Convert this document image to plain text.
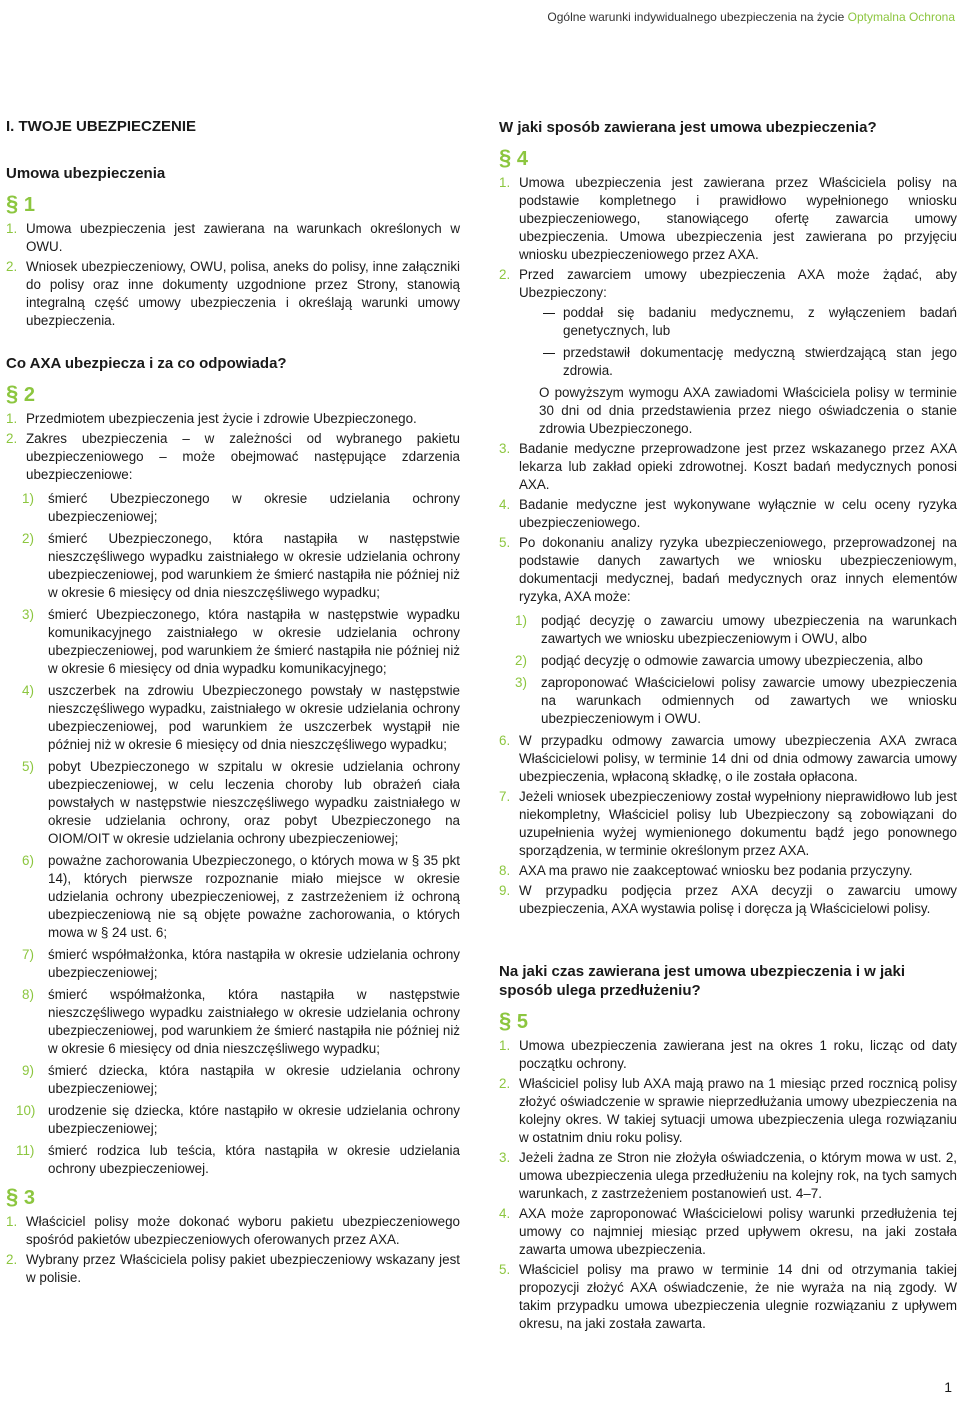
Ogólne warunki indywidualnego ubezpieczenia na życie Optymalna Ochrona
I. TWOJE UBEZPIECZENIE
Umowa ubezpieczenia
§ 1
1. Umowa ubezpieczenia jest zawierana na warunkach określonych w OWU.
2. Wniosek ubezpieczeniowy, OWU, polisa, aneks do polisy, inne załączniki do polisy oraz inne dokumenty uzgodnione przez Strony, stanowią integralną część umowy ubezpieczenia i określają warunki umowy ubezpieczenia.
Co AXA ubezpiecza i za co odpowiada?
§ 2
1. Przedmiotem ubezpieczenia jest życie i zdrowie Ubezpieczonego.
2. Zakres ubezpieczenia – w zależności od wybranego pakietu ubezpieczeniowego – może obejmować następujące zdarzenia ubezpieczeniowe:
1) śmierć Ubezpieczonego w okresie udzielania ochrony ubezpieczeniowej;
2) śmierć Ubezpieczonego, która nastąpiła w następstwie nieszczęśliwego wypadku zaistniałego w okresie udzielania ochrony ubezpieczeniowej, pod warunkiem że śmierć nastąpiła nie później niż w okresie 6 miesięcy od dnia nieszczęśliwego wypadku;
3) śmierć Ubezpieczonego, która nastąpiła w następstwie wypadku komunikacyjnego zaistniałego w okresie udzielania ochrony ubezpieczeniowej, pod warunkiem że śmierć nastąpiła nie później niż w okresie 6 miesięcy od dnia wypadku komunikacyjnego;
4) uszczerbek na zdrowiu Ubezpieczonego powstały w następstwie nieszczęśliwego wypadku, zaistniałego w okresie udzielania ochrony ubezpieczeniowej, pod warunkiem że uszczerbek wystąpił nie później niż w okresie 6 miesięcy od dnia nieszczęśliwego wypadku;
5) pobyt Ubezpieczonego w szpitalu w okresie udzielania ochrony ubezpieczeniowej, w celu leczenia choroby lub obrażeń ciała powstałych w następstwie nieszczęśliwego wypadku zaistniałego w okresie udzielania ochrony, oraz pobyt Ubezpieczonego na OIOM/OIT w okresie udzielania ochrony ubezpieczeniowej;
6) poważne zachorowania Ubezpieczonego, o których mowa w § 35 pkt 14), których pierwsze rozpoznanie miało miejsce w okresie udzielania ochrony ubezpieczeniowej, z zastrzeżeniem iż ochroną ubezpieczeniową nie są objęte poważne zachorowania, o których mowa w § 24 ust. 6;
7) śmierć współmałżonka, która nastąpiła w okresie udzielania ochrony ubezpieczeniowej;
8) śmierć współmałżonka, która nastąpiła w następstwie nieszczęśliwego wypadku zaistniałego w okresie udzielania ochrony ubezpieczeniowej, pod warunkiem że śmierć nastąpiła nie później niż w okresie 6 miesięcy od dnia nieszczęśliwego wypadku;
9) śmierć dziecka, która nastąpiła w okresie udzielania ochrony ubezpieczeniowej;
10) urodzenie się dziecka, które nastąpiło w okresie udzielania ochrony ubezpieczeniowej;
11) śmierć rodzica lub teścia, która nastąpiła w okresie udzielania ochrony ubezpieczeniowej.
§ 3
1. Właściciel polisy może dokonać wyboru pakietu ubezpieczeniowego spośród pakietów ubezpieczeniowych oferowanych przez AXA.
2. Wybrany przez Właściciela polisy pakiet ubezpieczeniowy wskazany jest w polisie.
W jaki sposób zawierana jest umowa ubezpieczenia?
§ 4
1. Umowa ubezpieczenia jest zawierana przez Właściciela polisy na podstawie kompletnego i prawidłowo wypełnionego wniosku ubezpieczeniowego, stanowiącego ofertę zawarcia umowy ubezpieczenia. Umowa ubezpieczenia jest zawierana po przyjęciu wniosku ubezpieczeniowego przez AXA.
2. Przed zawarciem umowy ubezpieczenia AXA może żądać, aby Ubezpieczony:
poddał się badaniu medycznemu, z wyłączeniem badań genetycznych, lub
przedstawił dokumentację medyczną stwierdzającą stan jego zdrowia.
O powyższym wymogu AXA zawiadomi Właściciela polisy w terminie 30 dni od dnia przedstawienia przez niego oświadczenia o stanie zdrowia Ubezpieczonego.
3. Badanie medyczne przeprowadzone jest przez wskazanego przez AXA lekarza lub zakład opieki zdrowotnej. Koszt badań medycznych ponosi AXA.
4. Badanie medyczne jest wykonywane wyłącznie w celu oceny ryzyka ubezpieczeniowego.
5. Po dokonaniu analizy ryzyka ubezpieczeniowego, przeprowadzonej na podstawie danych zawartych we wniosku ubezpieczeniowym, dokumentacji medycznej, badań medycznych oraz innych elementów ryzyka, AXA może:
1) podjąć decyzję o zawarciu umowy ubezpieczenia na warunkach zawartych we wniosku ubezpieczeniowym i OWU, albo
2) podjąć decyzję o odmowie zawarcia umowy ubezpieczenia, albo
3) zaproponować Właścicielowi polisy zawarcie umowy ubezpieczenia na warunkach odmiennych od zawartych we wniosku ubezpieczeniowym i OWU.
6. W przypadku odmowy zawarcia umowy ubezpieczenia AXA zwraca Właścicielowi polisy, w terminie 14 dni od dnia odmowy zawarcia umowy ubezpieczenia, wpłaconą składkę, o ile została opłacona.
7. Jeżeli wniosek ubezpieczeniowy został wypełniony nieprawidłowo lub jest niekompletny, Właściciel polisy lub Ubezpieczony są zobowiązani do uzupełnienia wyżej wymienionego dokumentu bądź jego ponownego sporządzenia, w terminie określonym przez AXA.
8. AXA ma prawo nie zaakceptować wniosku bez podania przyczyny.
9. W przypadku podjęcia przez AXA decyzji o zawarciu umowy ubezpieczenia, AXA wystawia polisę i doręcza ją Właścicielowi polisy.
Na jaki czas zawierana jest umowa ubezpieczenia i w jaki sposób ulega przedłużeniu?
§ 5
1. Umowa ubezpieczenia zawierana jest na okres 1 roku, licząc od daty początku ochrony.
2. Właściciel polisy lub AXA mają prawo na 1 miesiąc przed rocznicą polisy złożyć oświadczenie w sprawie nieprzedłużania umowy ubezpieczenia na kolejny okres. W takiej sytuacji umowa ubezpieczenia ulega rozwiązaniu w ostatnim dniu roku polisy.
3. Jeżeli żadna ze Stron nie złożyła oświadczenia, o którym mowa w ust. 2, umowa ubezpieczenia ulega przedłużeniu na kolejny rok, na tych samych warunkach, z zastrzeżeniem postanowień ust. 4–7.
4. AXA może zaproponować Właścicielowi polisy warunki przedłużenia tej umowy co najmniej miesiąc przed upływem okresu, na jaki została zawarta umowa ubezpieczenia.
5. Właściciel polisy ma prawo w terminie 14 dni od otrzymania takiej propozycji złożyć AXA oświadczenie, że nie wyraża na nią zgody. W takim przypadku umowa ubezpieczenia ulegnie rozwiązaniu z upływem okresu, na jaki została zawarta.
1
